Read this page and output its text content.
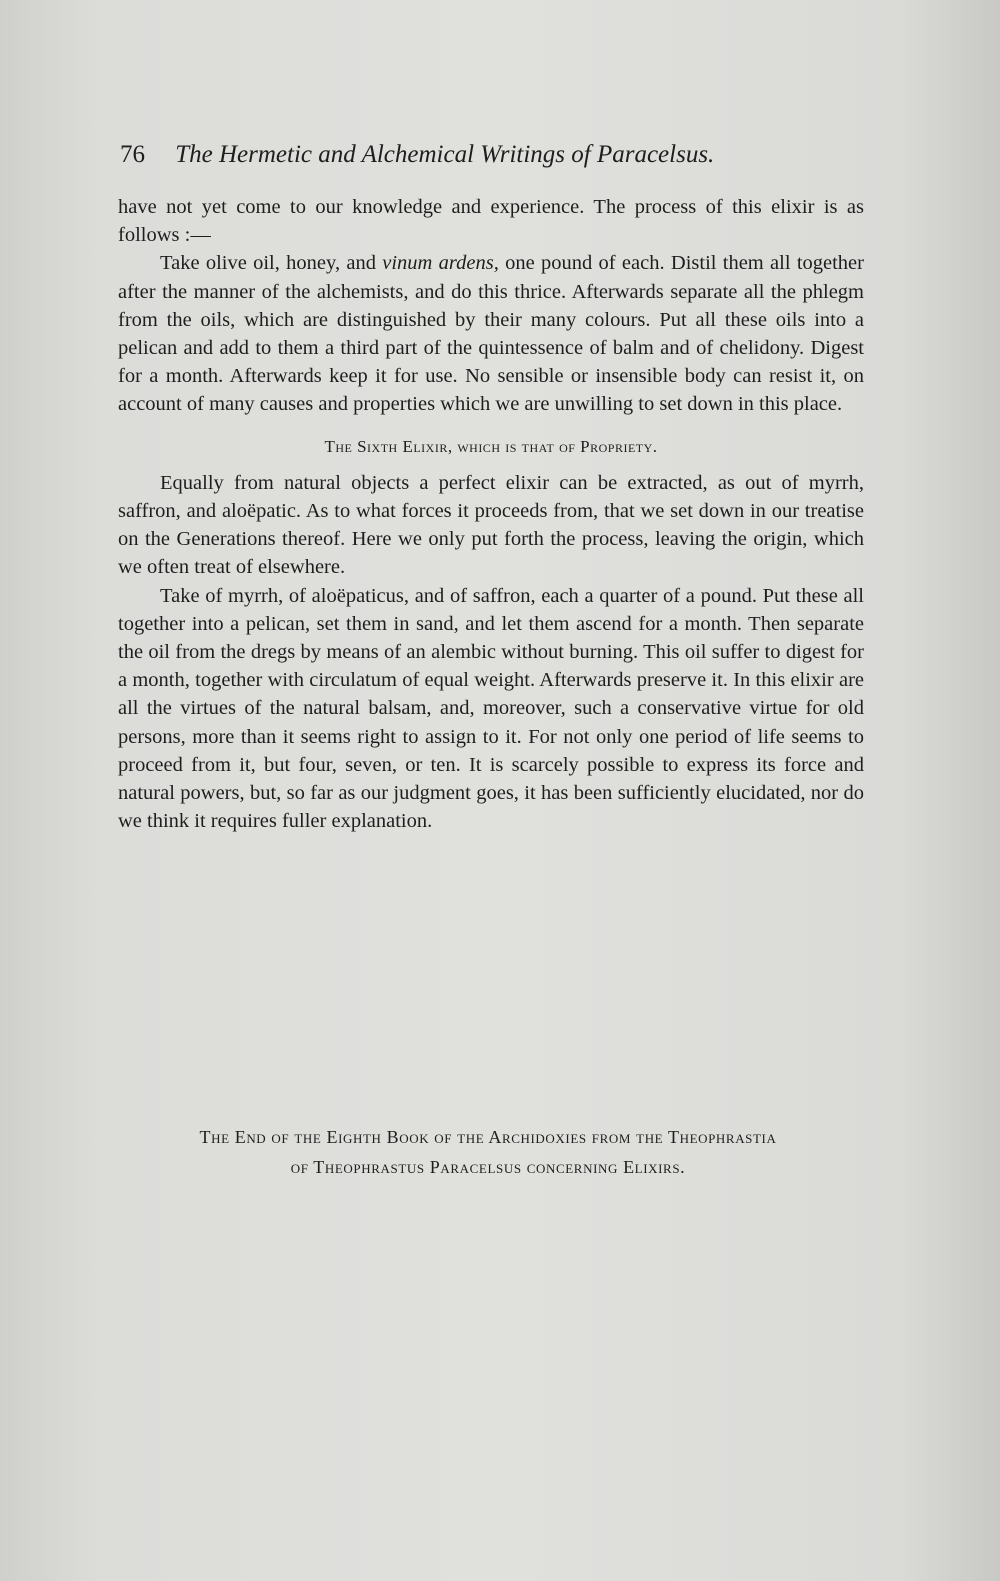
76 The Hermetic and Alchemical Writings of Paracelsus.

have not yet come to our knowledge and experience. The process of this elixir is as follows :—

Take olive oil, honey, and vinum ardens, one pound of each. Distil them all together after the manner of the alchemists, and do this thrice. Afterwards separate all the phlegm from the oils, which are distinguished by their many colours. Put all these oils into a pelican and add to them a third part of the quintessence of balm and of chelidony. Digest for a month. Afterwards keep it for use. No sensible or insensible body can resist it, on account of many causes and properties which we are unwilling to set down in this place.

The Sixth Elixir, which is that of Propriety.

Equally from natural objects a perfect elixir can be extracted, as out of myrrh, saffron, and aloëpatic. As to what forces it proceeds from, that we set down in our treatise on the Generations thereof. Here we only put forth the process, leaving the origin, which we often treat of elsewhere.

Take of myrrh, of aloëpaticus, and of saffron, each a quarter of a pound. Put these all together into a pelican, set them in sand, and let them ascend for a month. Then separate the oil from the dregs by means of an alembic without burning. This oil suffer to digest for a month, together with circulatum of equal weight. Afterwards preserve it. In this elixir are all the virtues of the natural balsam, and, moreover, such a conservative virtue for old persons, more than it seems right to assign to it. For not only one period of life seems to proceed from it, but four, seven, or ten. It is scarcely possible to express its force and natural powers, but, so far as our judgment goes, it has been sufficiently elucidated, nor do we think it requires fuller explanation.

The End of the Eighth Book of the Archidoxies from the Theophrastia
of Theophrastus Paracelsus concerning Elixirs.
